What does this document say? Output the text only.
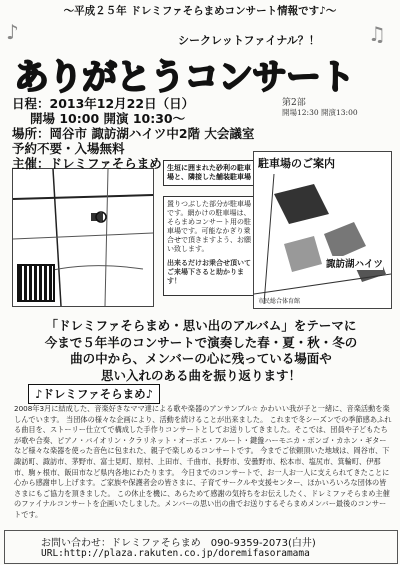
〜平成２５年 ドレミファそらまめコンサート情報です♪〜
シークレットファイナル？！
ありがとうコンサート
♪	♫
日程：2013年12月22日（日）
開場 10:00 開演 10:30〜
場所：岡谷市 諏訪湖ハイツ中2階 大会議室
予約不要・入場無料
第2部
開場12:30 開演13:00
主催：ドレミファそらまめ 生垣に囲まれた砂利の駐車場と、隣接した舗装駐車場
置りつぶした部分が駐車場です。網かけの駐車場は、そらまめコンサート用の駐車場です。可能なかぎり乗合せで頂きますよう、お願い致します。
出来るだけお乗合せ頂いてご来場下さると助かります！
駐車場のご案内
諏訪湖ハイツ
市民総合体育館
「ドレミファそらまめ・思い出のアルバム」をテーマに
今まで５年半のコンサートで演奏した春・夏・秋・冬の
曲の中から、メンバーの心に残っている場面や
思い入れのある曲を振り返ります！
♪ドレミファそらまめ♪
2008年3月に結成した、音楽好きなママ達による歌や楽器のアンサンブル☆ かわいい我が子と一緒に、音楽活動を楽しんでいます。 当団体の様々な企画により、活動を続けることが出来ました。 これまで冬シーズンでの季節感あふれる曲目を、ストーリー仕立てで構成した手作りコンサートとしてお送りしてきました。そこでは、団員や子どもたちが歌や合奏、ピアノ・バイオリン・クラリネット・オーボエ・フルート・鍵盤ハーモニカ・ボンゴ・カホン・ギターなど様々な楽器を使った音色に包まれた、親子で楽しめるコンサートです。 今までご依頼頂いた地域は、岡谷市、下諏訪町、諏訪市、茅野市、富士見町、原村、上田市、千曲市、長野市、安曇野市、松本市、塩尻市、箕輪町、伊那市、駒ヶ根市、飯田市など県内各地にわたります。 今日までのコンサートで、お一人お一人に支えられてきたことに心から感謝申し上げます。ご家族や保護者会の皆さまに、子育てサークルや支援センター、ほかいろいろな団体の皆さまにもご協力を頂きました。 この休止を機に、あらためて感謝の気持ちをお伝えしたく、ドレミファそらまめ主催のファイナルコンサートを企画いたしました。メンバーの思い出の曲でお送りするそらまめメンバー最後のコンサートです。
お問い合わせ：ドレミファそらまめ　090-9359-2073(白井)
URL:http://plaza.rakuten.co.jp/doremifasoramama
